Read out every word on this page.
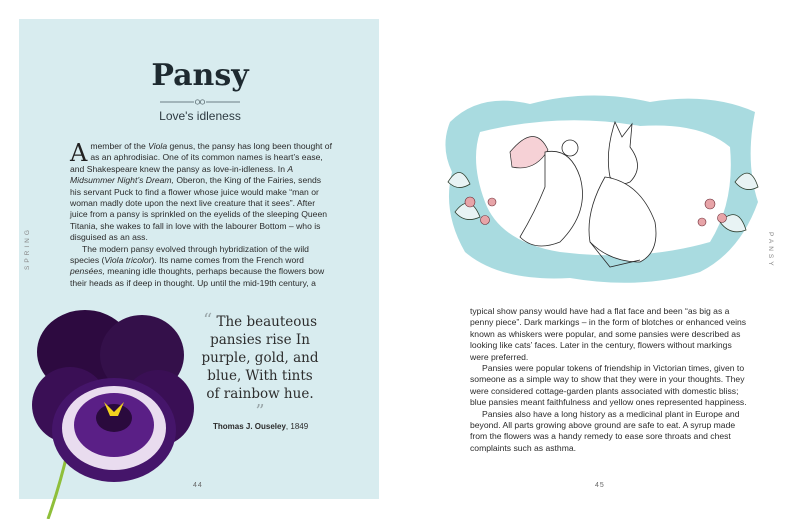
Pansy
Love's idleness

A member of the Viola genus, the pansy has long been thought of as an aphrodisiac. One of its common names is heart’s ease, and Shakespeare knew the pansy as love-in-idleness. In A Midsummer Night’s Dream, Oberon, the King of the Fairies, sends his servant Puck to find a flower whose juice would make “man or woman madly dote upon the next live creature that it sees”. After juice from a pansy is sprinkled on the eyelids of the sleeping Queen Titania, she wakes to fall in love with the labourer Bottom – who is disguised as an ass.

The modern pansy evolved through hybridization of the wild species (Viola tricolor). Its name comes from the French word pensées, meaning idle thoughts, perhaps because the flowers bow their heads as if deep in thought. Up until the mid-19th century, a

SPRING
“ The beauteous pansies rise In purple, gold, and blue, With tints of rainbow hue. ”
Thomas J. Ouseley, 1849
44

typical show pansy would have had a flat face and been “as big as a penny piece”. Dark markings – in the form of blotches or enhanced veins known as whiskers were popular, and some pansies were described as looking like cats’ faces. Later in the century, flowers without markings were preferred.

Pansies were popular tokens of friendship in Victorian times, given to someone as a simple way to show that they were in your thoughts. They were considered cottage-garden plants associated with domestic bliss; blue pansies meant faithfulness and yellow ones represented happiness.

Pansies also have a long history as a medicinal plant in Europe and beyond. All parts growing above ground are safe to eat. A syrup made from the flowers was a handy remedy to ease sore throats and chest complaints such as asthma.

PANSY
45
